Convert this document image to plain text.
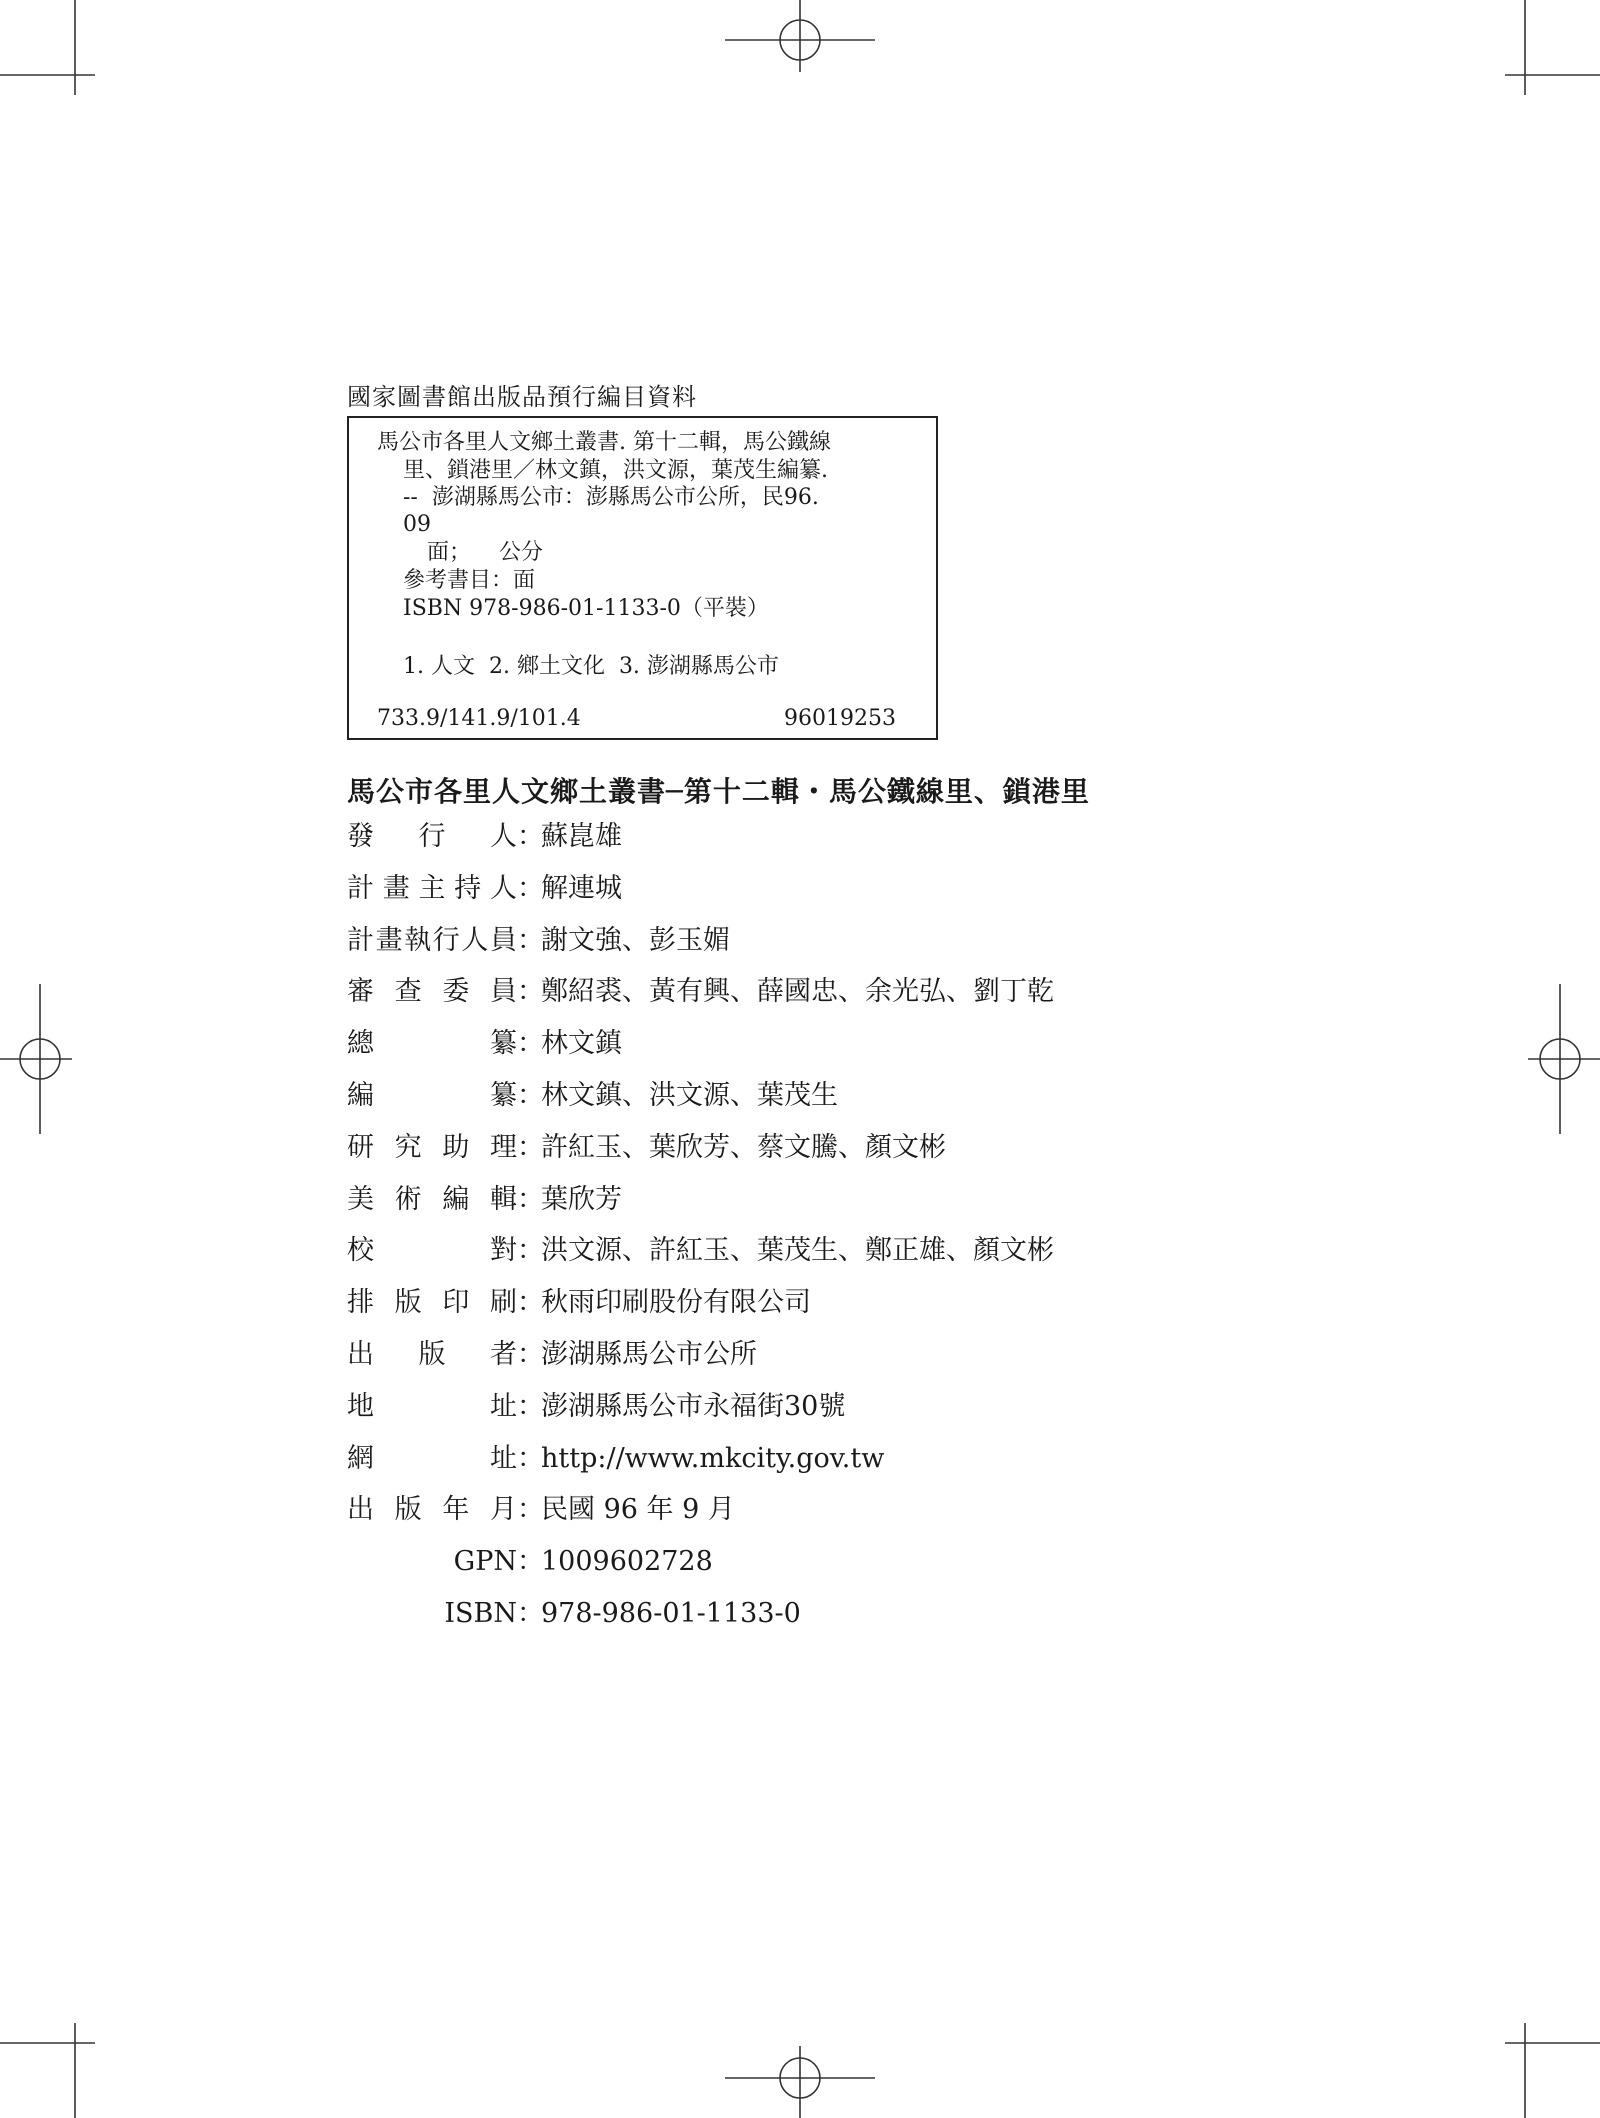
國家圖書館出版品預行編目資料
馬公市各里人文鄉土叢書. 第十二輯，馬公鐵線
里、鎖港里／林文鎮，洪文源，葉茂生編纂.
--  澎湖縣馬公市：澎縣馬公市公所，民96.
09
面；    公分
參考書目：面
ISBN 978-986-01-1133-0（平裝）
1. 人文  2. 鄉土文化  3. 澎湖縣馬公市
733.9/141.9/101.4	96019253
馬公市各里人文鄉土叢書─第十二輯・馬公鐵線里、鎖港里
發 行 人 ：
蘇崑雄
計 畫 主 持 人 ：
解連城
計 畫 執 行 人 員 ：
謝文強、彭玉媚
審 查 委 員 ：
鄭紹裘、黃有興、薛國忠、余光弘、劉丁乾
總	纂 ：
林文鎮
編	纂 ：
林文鎮、洪文源、葉茂生
研 究 助 理 ：
許紅玉、葉欣芳、蔡文騰、顏文彬
美 術 編 輯 ：
葉欣芳
校	對 ：
洪文源、許紅玉、葉茂生、鄭正雄、顏文彬
排 版 印 刷 ：
秋雨印刷股份有限公司
出 版 者 ：
澎湖縣馬公市公所
地	址 ：
澎湖縣馬公市永福街30號
網	址 ：
http://www.mkcity.gov.tw
出 版 年 月 ：
民國 96 年 9 月
GPN ：
1009602728
ISBN ：
978-986-01-1133-0
